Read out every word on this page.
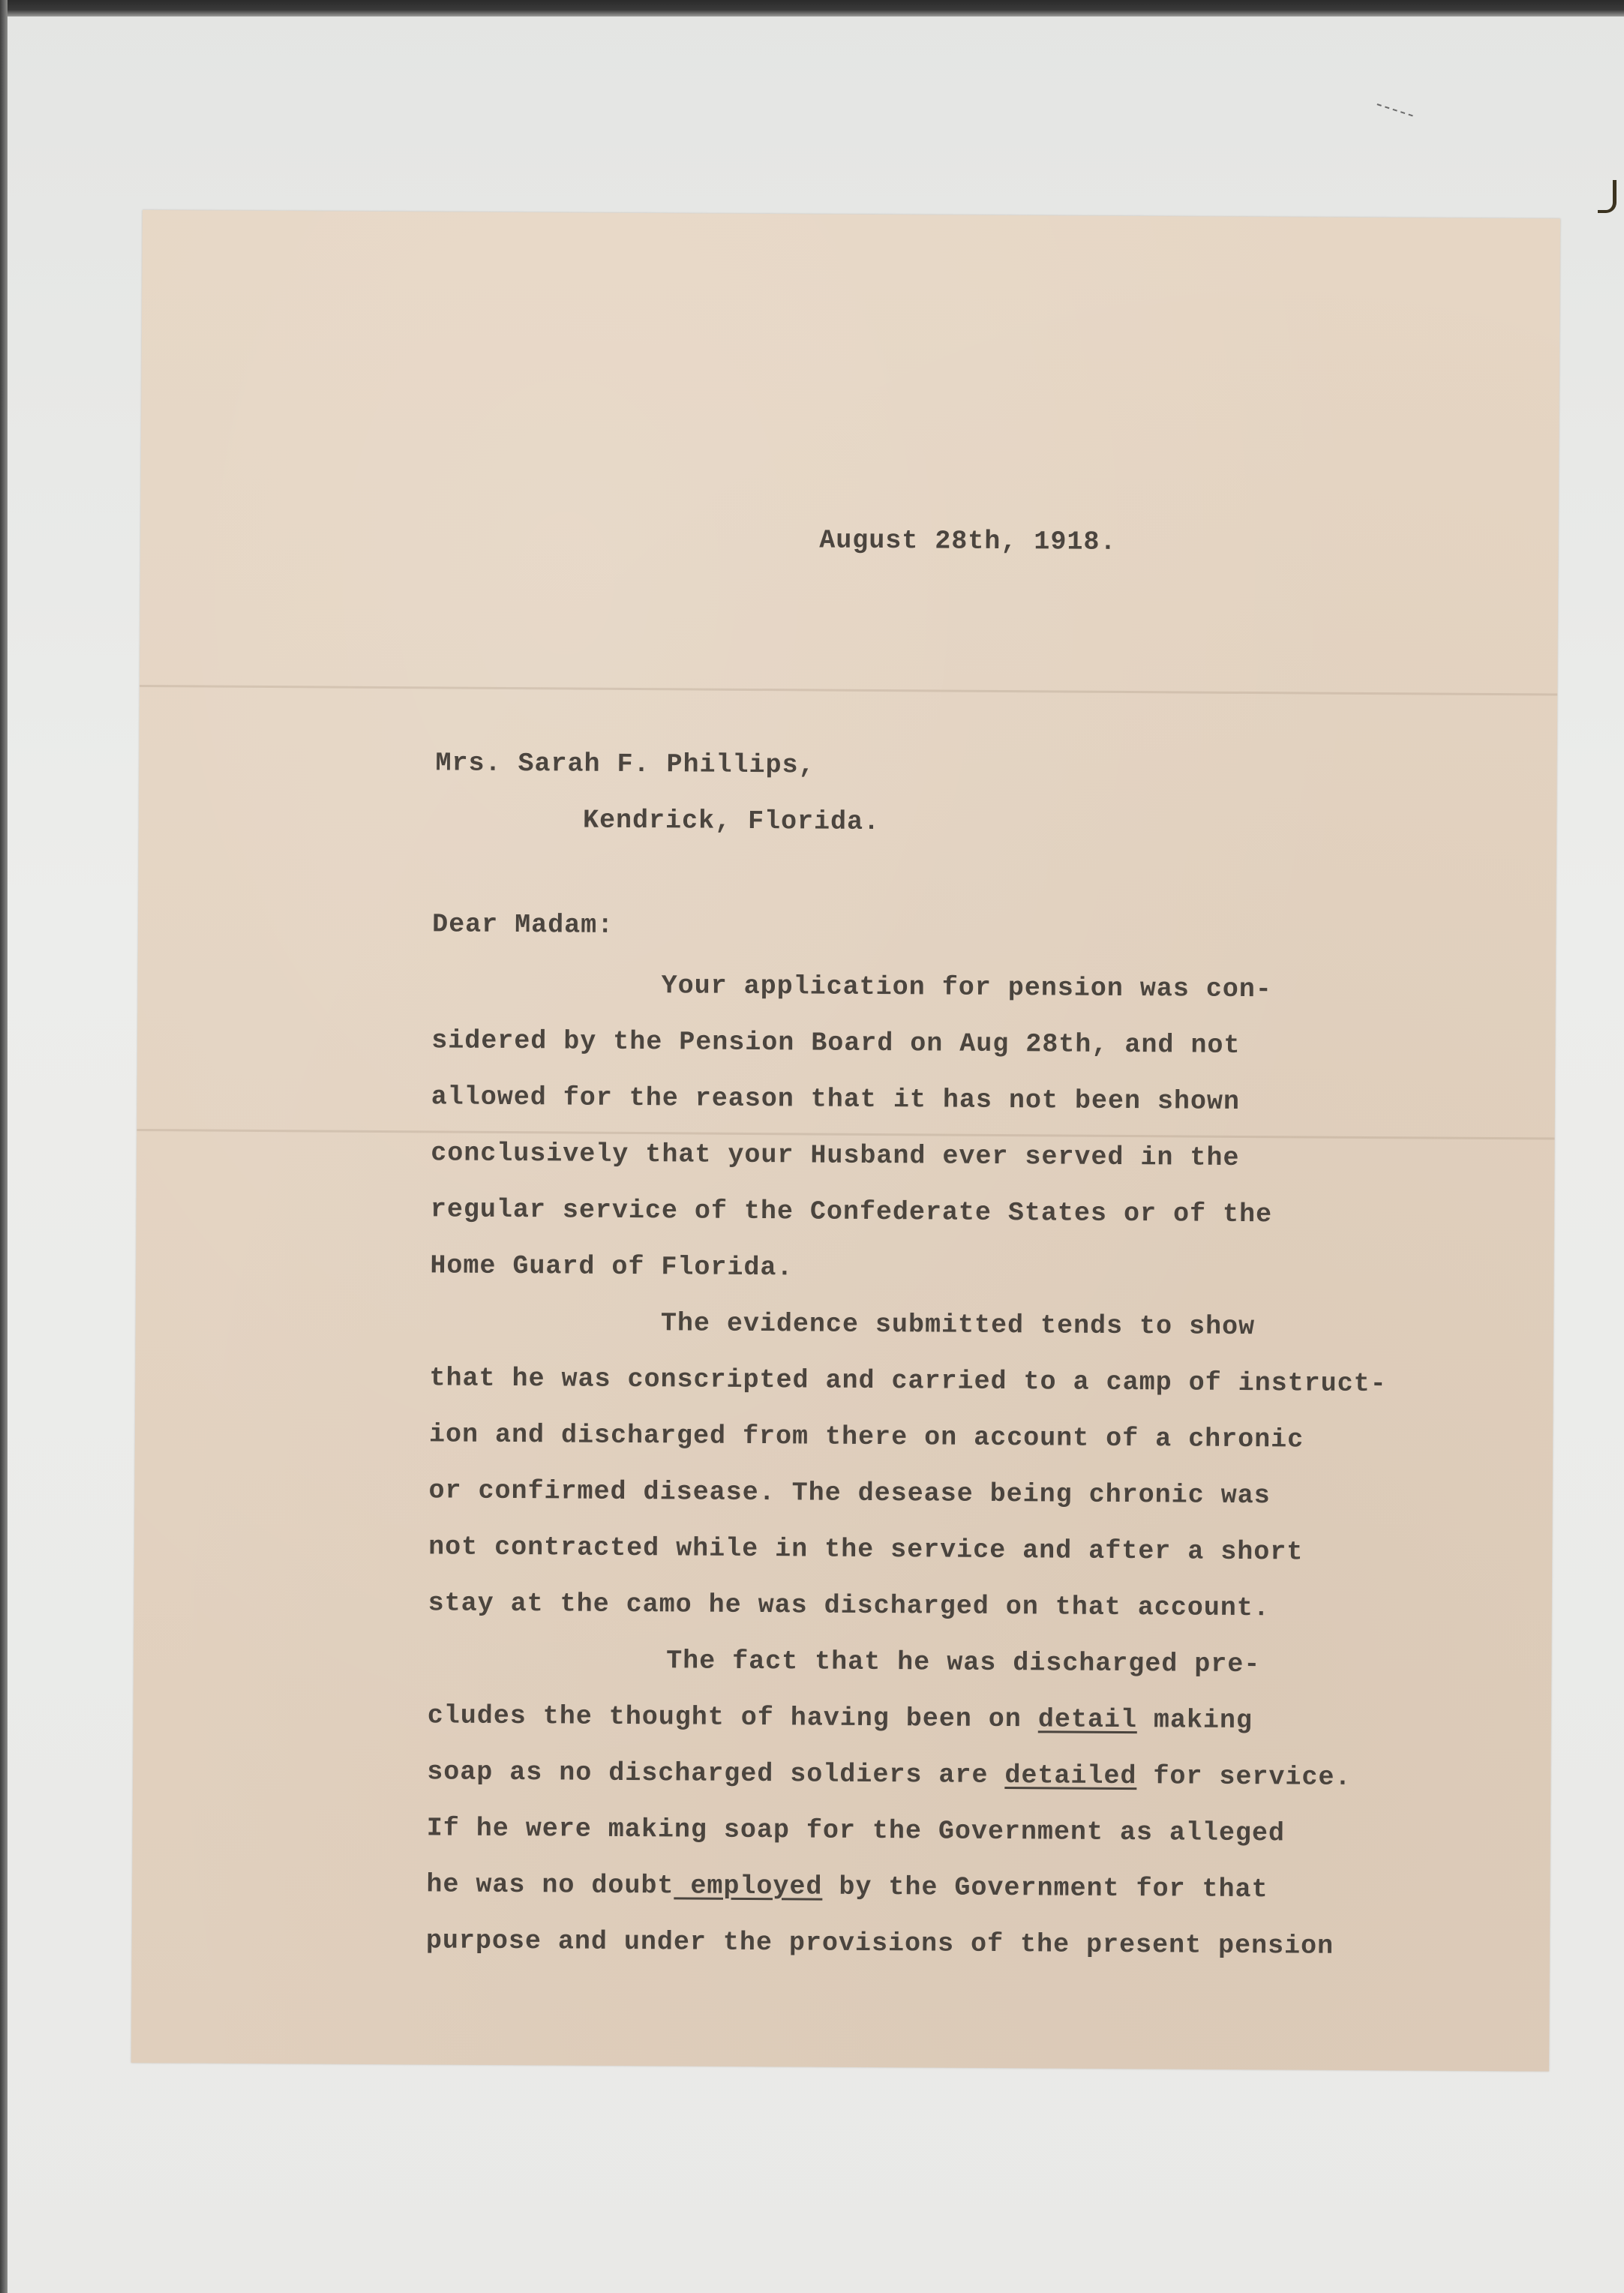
August 28th, 1918.
Mrs. Sarah F. Phillips,
Kendrick, Florida.
Dear Madam:
Your application for pension was con-
sidered by the Pension Board on Aug 28th, and not
allowed for the reason that it has not been shown
conclusively that your Husband ever served in the
regular service of the Confederate States or of the
Home Guard of Florida.
The evidence submitted tends to show
that he was conscripted and carried to a camp of instruct-
ion and discharged from there on account of a chronic
or confirmed disease. The desease being chronic was
not contracted while in the service and after a short
stay at the camo he was discharged on that account.
The fact that he was discharged pre-
cludes the thought of having been on detail making
soap as no discharged soldiers are detailed for service.
If he were making soap for the Government as alleged
he was no doubt employed by the Government for that
purpose and under the provisions of the present pension
